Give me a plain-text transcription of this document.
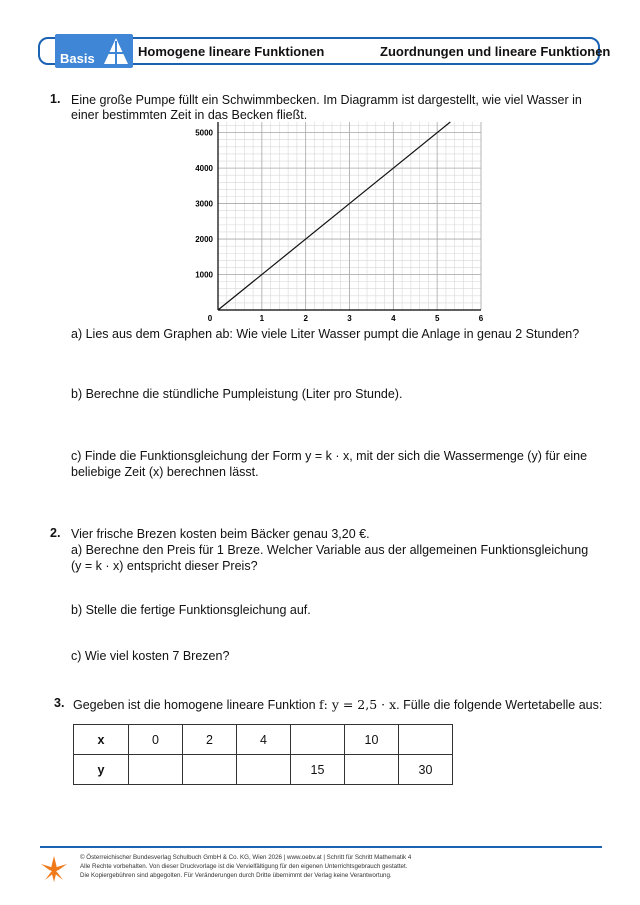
Basis	Homogene lineare Funktionen	Zuordnungen und lineare Funktionen
1. Eine große Pumpe füllt ein Schwimmbecken. Im Diagramm ist dargestellt, wie viel Wasser in
einer bestimmten Zeit in das Becken fließt.
0	1	2	3	4	5	6
1000
2000
3000
4000
5000
a) Lies aus dem Graphen ab: Wie viele Liter Wasser pumpt die Anlage in genau 2 Stunden?
b) Berechne die stündliche Pumpleistung (Liter pro Stunde).
c) Finde die Funktionsgleichung der Form y = k · x, mit der sich die Wassermenge (y) für eine
beliebige Zeit (x) berechnen lässt.
2. Vier frische Brezen kosten beim Bäcker genau 3,20 €.
a) Berechne den Preis für 1 Breze. Welcher Variable aus der allgemeinen Funktionsgleichung
(y = k · x) entspricht dieser Preis?
b) Stelle die fertige Funktionsgleichung auf.
c) Wie viel kosten 7 Brezen?
3. Gegeben ist die homogene lineare Funktion f: y = 2,5 · x. Fülle die folgende Wertetabelle aus:
x	0	2	4		10	
y				15		30
© Österreichischer Bundesverlag Schulbuch GmbH & Co. KG, Wien 2026 | www.oebv.at | Schritt für Schritt Mathematik 4
Alle Rechte vorbehalten. Von dieser Druckvorlage ist die Vervielfältigung für den eigenen Unterrichtsgebrauch gestattet.
Die Kopiergebühren sind abgegolten. Für Veränderungen durch Dritte übernimmt der Verlag keine Verantwortung.
